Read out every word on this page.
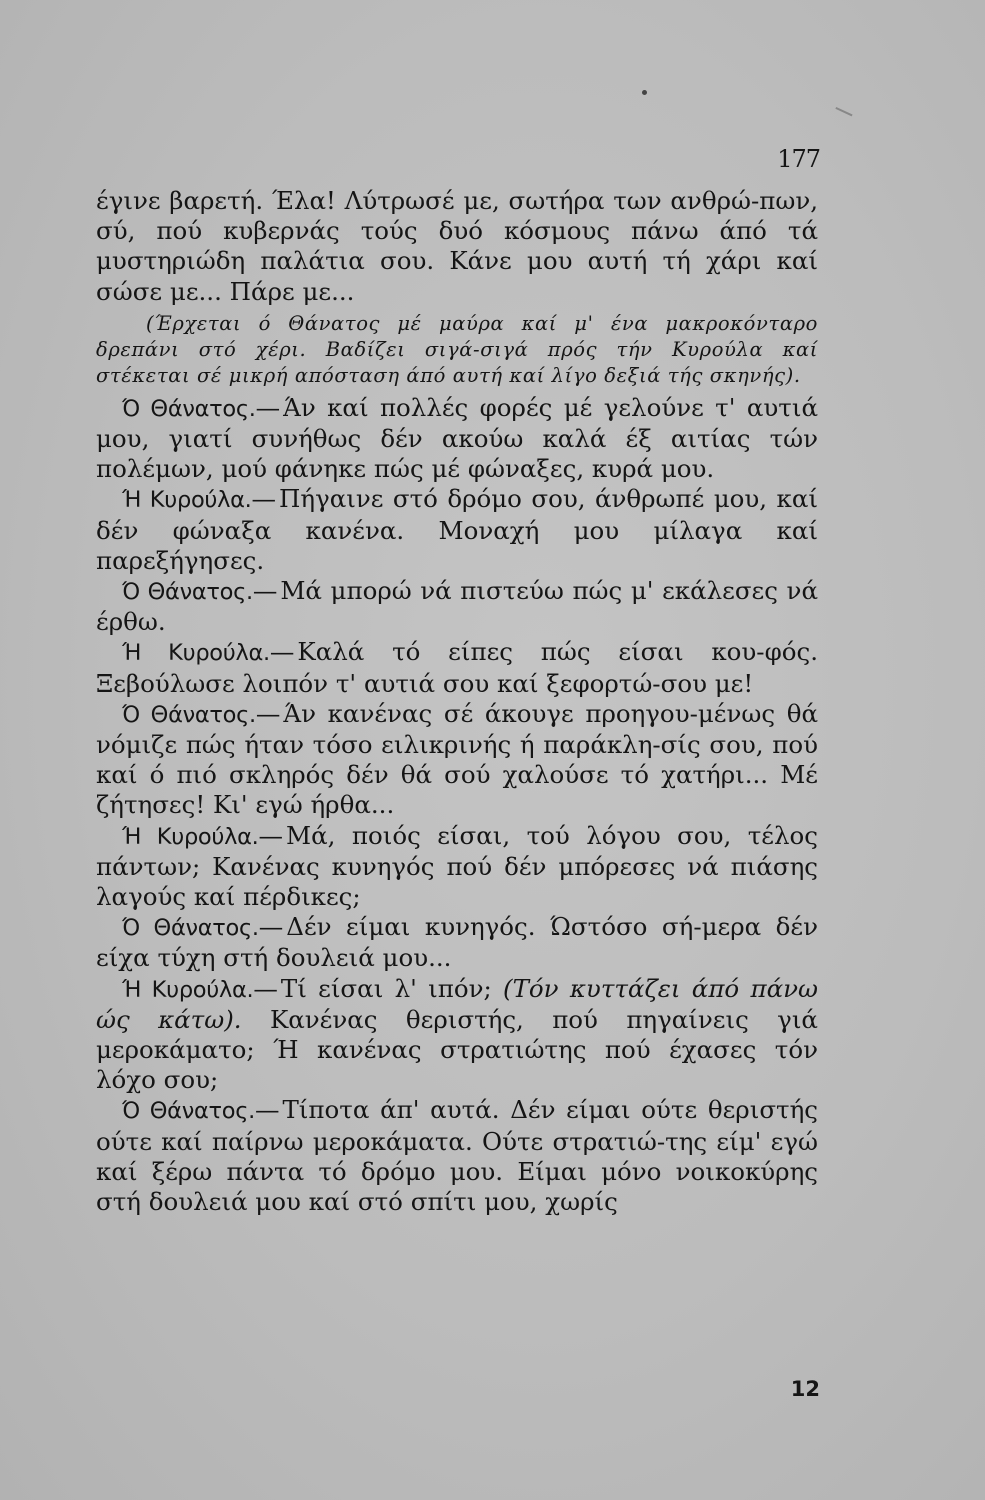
177

έγινε βαρετή. Έλα! Λύτρωσέ με, σωτήρα των ανθρώ-πων, σύ, πού κυβερνάς τούς δυό κόσμους πάνω άπό τά μυστηριώδη παλάτια σου. Κάνε μου αυτή τή χάρι καί σώσε με... Πάρε με...

(Έρχεται ό Θάνατος μέ μαύρα καί μ' ένα μακροκόνταρο δρεπάνι στό χέρι. Βαδίζει σιγά-σιγά πρός τήν Κυρούλα καί στέκεται σέ μικρή απόσταση άπό αυτή καί λίγο δεξιά τής σκηνής).

Ό Θάνατος.— Άν καί πολλές φορές μέ γελούνε τ' αυτιά μου, γιατί συνήθως δέν ακούω καλά έξ αιτίας τών πολέμων, μού φάνηκε πώς μέ φώναξες, κυρά μου.

Ή Κυρούλα.— Πήγαινε στό δρόμο σου, άνθρωπέ μου, καί δέν φώναξα κανένα. Μοναχή μου μίλαγα καί παρεξήγησες.

Ό Θάνατος.— Μά μπορώ νά πιστεύω πώς μ' εκάλεσες νά έρθω.

Ή Κυρούλα.— Καλά τό είπες πώς είσαι κου-φός. Ξεβούλωσε λοιπόν τ' αυτιά σου καί ξεφορτώ-σου με!

Ό Θάνατος.— Άν κανένας σέ άκουγε προηγου-μένως θά νόμιζε πώς ήταν τόσο ειλικρινής ή παράκλη-σίς σου, πού καί ό πιό σκληρός δέν θά σού χαλούσε τό χατήρι... Μέ ζήτησες! Κι' εγώ ήρθα...

Ή Κυρούλα.— Μά, ποιός είσαι, τού λόγου σου, τέλος πάντων; Κανένας κυνηγός πού δέν μπόρεσες νά πιάσης λαγούς καί πέρδικες;

Ό Θάνατος.— Δέν είμαι κυνηγός. Ώστόσο σή-μερα δέν είχα τύχη στή δουλειά μου...

Ή Κυρούλα.— Τί είσαι λ' ιπόν; (Τόν κυττάζει άπό πάνω ώς κάτω). Κανένας θεριστής, πού πηγαίνεις γιά μεροκάματο; Ή κανένας στρατιώτης πού έχασες τόν λόχο σου;

Ό Θάνατος.— Τίποτα άπ' αυτά. Δέν είμαι ούτε θεριστής ούτε καί παίρνω μεροκάματα. Ούτε στρατιώ-της είμ' εγώ καί ξέρω πάντα τό δρόμο μου. Είμαι μόνο νοικοκύρης στή δουλειά μου καί στό σπίτι μου, χωρίς

12
